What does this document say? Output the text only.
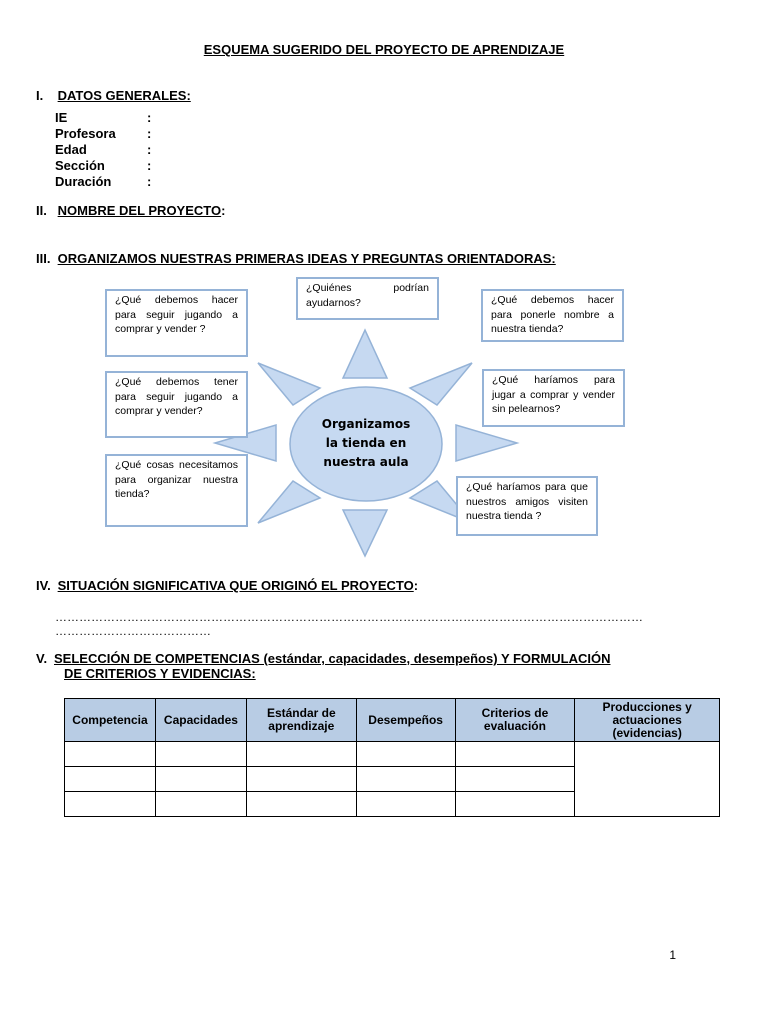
ESQUEMA SUGERIDO DEL PROYECTO DE APRENDIZAJE
I. DATOS GENERALES:
IE	:
Profesora	:
Edad	:
Sección	:
Duración	:
II. NOMBRE DEL PROYECTO:
III. ORGANIZAMOS NUESTRAS PRIMERAS IDEAS Y PREGUNTAS ORIENTADORAS:
Organizamos
la tienda en
nuestra aula
¿Qué debemos hacer para seguir jugando a comprar y vender ?
¿Quiénes podrían ayudarnos?	¿Qué debemos hacer para ponerle nombre a nuestra tienda?
¿Qué debemos tener para seguir jugando a comprar y vender?
¿Qué haríamos para jugar a comprar y vender sin pelearnos?
¿Qué cosas necesitamos para organizar nuestra tienda?
¿Qué haríamos para que nuestros amigos visiten nuestra tienda ?
IV. SITUACIÓN SIGNIFICATIVA QUE ORIGINÓ EL PROYECTO:
…………………………………………………………………………………………………………………………………
…………………………………
V. SELECCIÓN DE COMPETENCIAS (estándar, capacidades, desempeños) Y FORMULACIÓN
DE CRITERIOS Y EVIDENCIAS:
Competencia	Capacidades	Estándar de aprendizaje	Desempeños	Criterios de evaluación	Producciones y actuaciones (evidencias)

1
